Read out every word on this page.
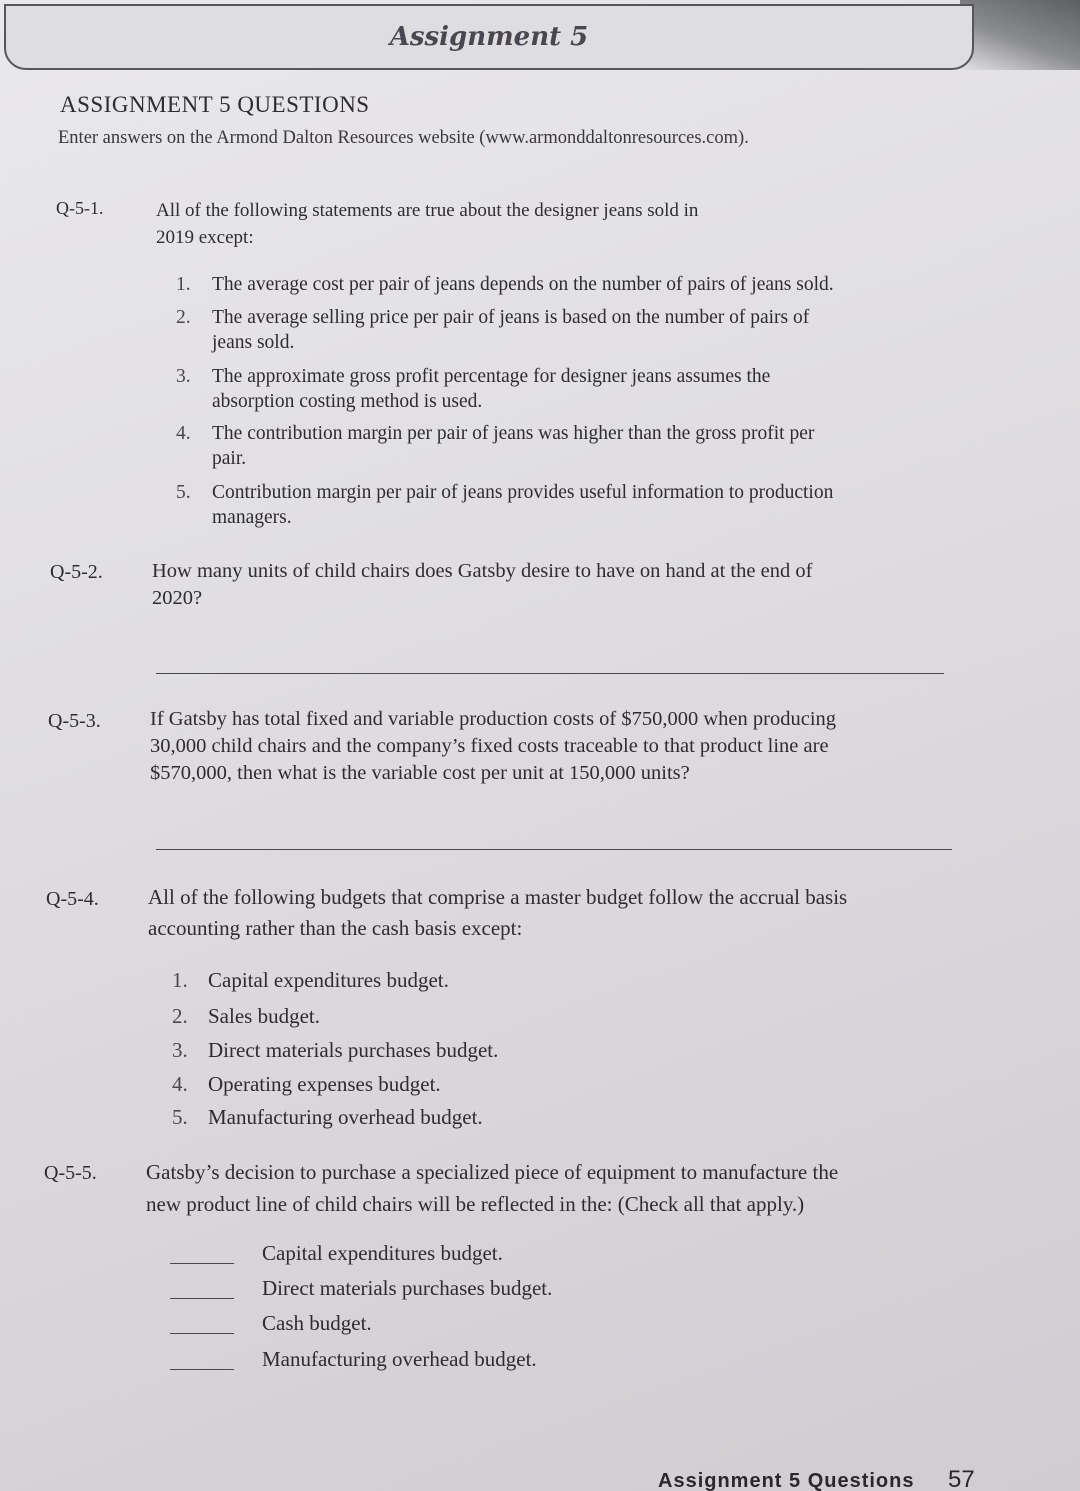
Assignment 5
ASSIGNMENT 5 QUESTIONS
Enter answers on the Armond Dalton Resources website (www.armonddaltonresources.com).
Q-5-1.	All of the following statements are true about the designer jeans sold in
2019 except:
1.	The average cost per pair of jeans depends on the number of pairs of jeans sold.
2.	The average selling price per pair of jeans is based on the number of pairs of
jeans sold.
3.	The approximate gross profit percentage for designer jeans assumes the
absorption costing method is used.
4.	The contribution margin per pair of jeans was higher than the gross profit per
pair.
5.	Contribution margin per pair of jeans provides useful information to production
managers.
Q-5-2. How many units of child chairs does Gatsby desire to have on hand at the end of
2020?
Q-5-3. If Gatsby has total fixed and variable production costs of $750,000 when producing
30,000 child chairs and the company’s fixed costs traceable to that product line are
$570,000, then what is the variable cost per unit at 150,000 units?
Q-5-4. All of the following budgets that comprise a master budget follow the accrual basis
accounting rather than the cash basis except:
1. Capital expenditures budget.
2. Sales budget.
3. Direct materials purchases budget.
4. Operating expenses budget.
5. Manufacturing overhead budget.
Q-5-5. Gatsby’s decision to purchase a specialized piece of equipment to manufacture the
new product line of child chairs will be reflected in the: (Check all that apply.)
Capital expenditures budget.
Direct materials purchases budget.
Cash budget.
Manufacturing overhead budget.
Assignment 5 Questions 57
